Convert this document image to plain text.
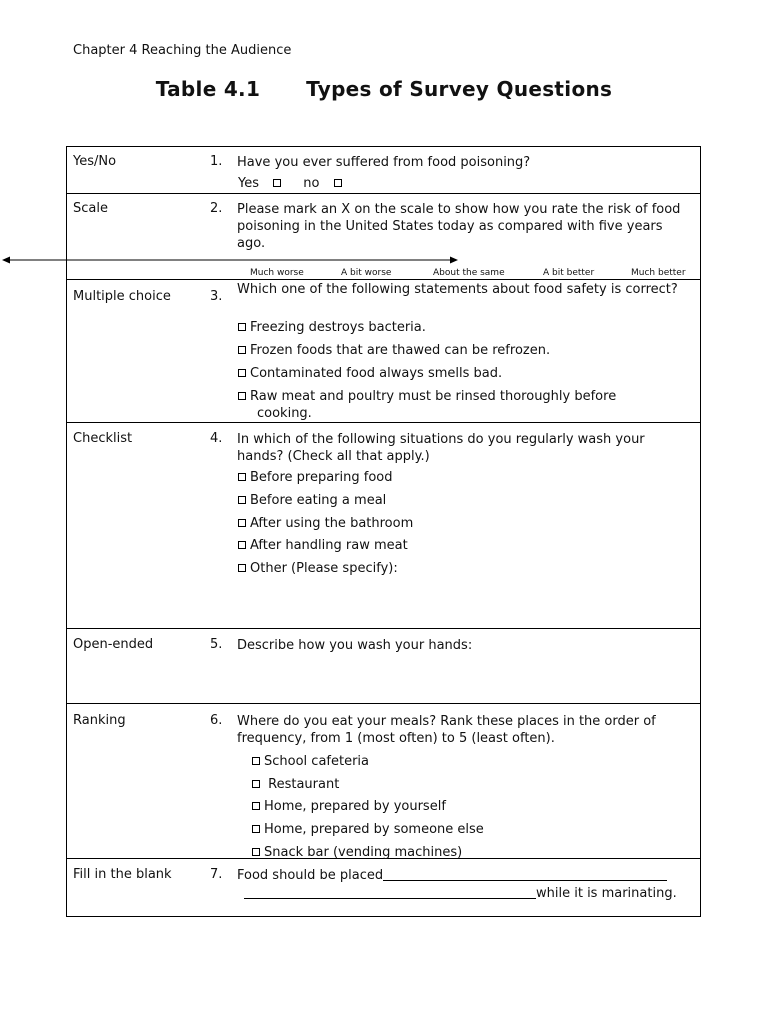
Chapter 4 Reaching the Audience
Table 4.1 Types of Survey Questions
Yes/No	1. Have you ever suffered from food poisoning?
Yes	no
Scale	2. Please mark an X on the scale to show how you rate the risk of food poisoning in the United States today as compared with five years ago.
Much worse	A bit worse	About the same	A bit better	Much better
Multiple choice	3. Which one of the following statements about food safety is correct?
Freezing destroys bacteria.
Frozen foods that are thawed can be refrozen.
Contaminated food always smells bad.
Raw meat and poultry must be rinsed thoroughly before
cooking.
Checklist	4. In which of the following situations do you regularly wash your hands? (Check all that apply.)
Before preparing food
Before eating a meal
After using the bathroom
After handling raw meat
Other (Please specify):
Open-ended	5. Describe how you wash your hands:
Ranking	6. Where do you eat your meals? Rank these places in the order of frequency, from 1 (most often) to 5 (least often).
School cafeteria
Restaurant
Home, prepared by yourself
Home, prepared by someone else
Snack bar (vending machines)
Fill in the blank	7. Food should be placed
while it is marinating.
